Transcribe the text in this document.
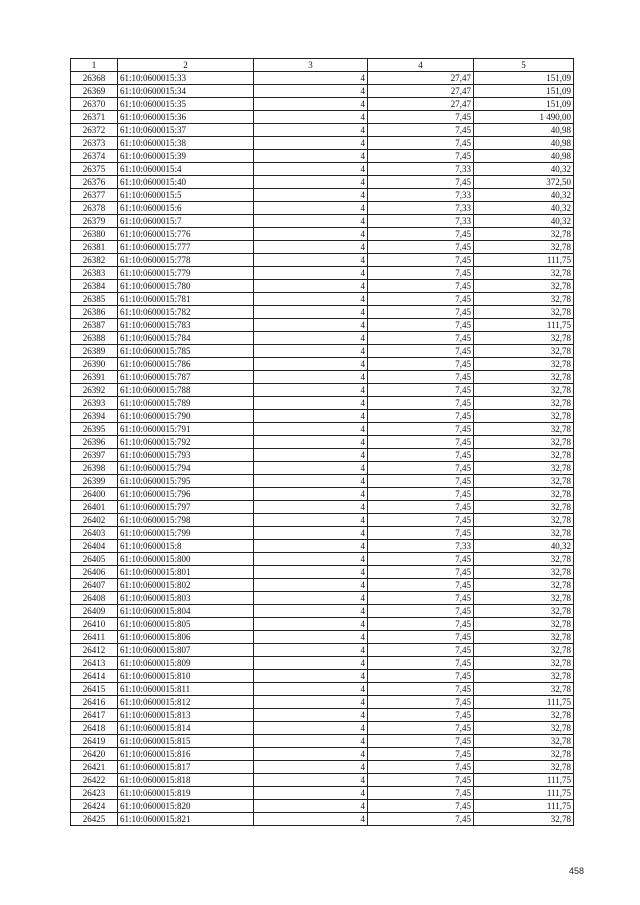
1	2	3	4	5
26368	61:10:0600015:33	4	27,47	151,09
26369	61:10:0600015:34	4	27,47	151,09
26370	61:10:0600015:35	4	27,47	151,09
26371	61:10:0600015:36	4	7,45	1 490,00
26372	61:10:0600015:37	4	7,45	40,98
26373	61:10:0600015:38	4	7,45	40,98
26374	61:10:0600015:39	4	7,45	40,98
26375	61:10:0600015:4	4	7,33	40,32
26376	61:10:0600015:40	4	7,45	372,50
26377	61:10:0600015:5	4	7,33	40,32
26378	61:10:0600015:6	4	7,33	40,32
26379	61:10:0600015:7	4	7,33	40,32
26380	61:10:0600015:776	4	7,45	32,78
26381	61:10:0600015:777	4	7,45	32,78
26382	61:10:0600015:778	4	7,45	111,75
26383	61:10:0600015:779	4	7,45	32,78
26384	61:10:0600015:780	4	7,45	32,78
26385	61:10:0600015:781	4	7,45	32,78
26386	61:10:0600015:782	4	7,45	32,78
26387	61:10:0600015:783	4	7,45	111,75
26388	61:10:0600015:784	4	7,45	32,78
26389	61:10:0600015:785	4	7,45	32,78
26390	61:10:0600015:786	4	7,45	32,78
26391	61:10:0600015:787	4	7,45	32,78
26392	61:10:0600015:788	4	7,45	32,78
26393	61:10:0600015:789	4	7,45	32,78
26394	61:10:0600015:790	4	7,45	32,78
26395	61:10:0600015:791	4	7,45	32,78
26396	61:10:0600015:792	4	7,45	32,78
26397	61:10:0600015:793	4	7,45	32,78
26398	61:10:0600015:794	4	7,45	32,78
26399	61:10:0600015:795	4	7,45	32,78
26400	61:10:0600015:796	4	7,45	32,78
26401	61:10:0600015:797	4	7,45	32,78
26402	61:10:0600015:798	4	7,45	32,78
26403	61:10:0600015:799	4	7,45	32,78
26404	61:10:0600015:8	4	7,33	40,32
26405	61:10:0600015:800	4	7,45	32,78
26406	61:10:0600015:801	4	7,45	32,78
26407	61:10:0600015:802	4	7,45	32,78
26408	61:10:0600015:803	4	7,45	32,78
26409	61:10:0600015:804	4	7,45	32,78
26410	61:10:0600015:805	4	7,45	32,78
26411	61:10:0600015:806	4	7,45	32,78
26412	61:10:0600015:807	4	7,45	32,78
26413	61:10:0600015:809	4	7,45	32,78
26414	61:10:0600015:810	4	7,45	32,78
26415	61:10:0600015:811	4	7,45	32,78
26416	61:10:0600015:812	4	7,45	111,75
26417	61:10:0600015:813	4	7,45	32,78
26418	61:10:0600015:814	4	7,45	32,78
26419	61:10:0600015:815	4	7,45	32,78
26420	61:10:0600015:816	4	7,45	32,78
26421	61:10:0600015:817	4	7,45	32,78
26422	61:10:0600015:818	4	7,45	111,75
26423	61:10:0600015:819	4	7,45	111,75
26424	61:10:0600015:820	4	7,45	111,75
26425	61:10:0600015:821	4	7,45	32,78
458
